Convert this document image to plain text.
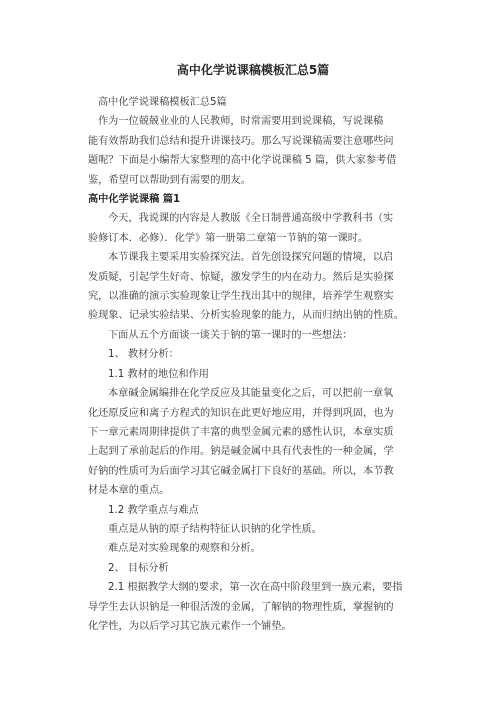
高中化学说课稿模板汇总5篇
高中化学说课稿模板汇总5篇
作为一位兢兢业业的人民教师，时常需要用到说课稿，写说课稿
能有效帮助我们总结和提升讲课技巧。那么写说课稿需要注意哪些问
题呢？下面是小编帮大家整理的高中化学说课稿 5 篇，供大家参考借
鉴，希望可以帮助到有需要的朋友。
高中化学说课稿 篇1
今天，我说课的内容是人教版《全日制普通高级中学教科书（实
验修订本．必修）．化学》第一册第二章第一节钠的第一课时。
本节课我主要采用实验探究法。首先创设探究问题的情境，以启
发质疑，引起学生好奇、惊疑，激发学生的内在动力。然后是实验探
究，以准确的演示实验现象让学生找出其中的规律，培养学生观察实
验现象、记录实验结果、分析实验现象的能力，从而归纳出钠的性质。
下面从五个方面谈一谈关于钠的第一课时的一些想法：
1、 教材分析：
1.1 教材的地位和作用
本章碱金属编排在化学反应及其能量变化之后，可以把前一章氧
化还原反应和离子方程式的知识在此更好地应用，并得到巩固，也为
下一章元素周期律提供了丰富的典型金属元素的感性认识，本章实质
上起到了承前起后的作用。钠是碱金属中具有代表性的一种金属，学
好钠的性质可为后面学习其它碱金属打下良好的基础。所以，本节教
材是本章的重点。
1.2 教学重点与难点
重点是从钠的原子结构特征认识钠的化学性质。
难点是对实验现象的观察和分析。
2、 目标分析
2.1 根据教学大纲的要求，第一次在高中阶段里到一族元素，要指
导学生去认识钠是一种很活泼的金属，了解钠的物理性质，掌握钠的
化学性，为以后学习其它族元素作一个铺垫。
